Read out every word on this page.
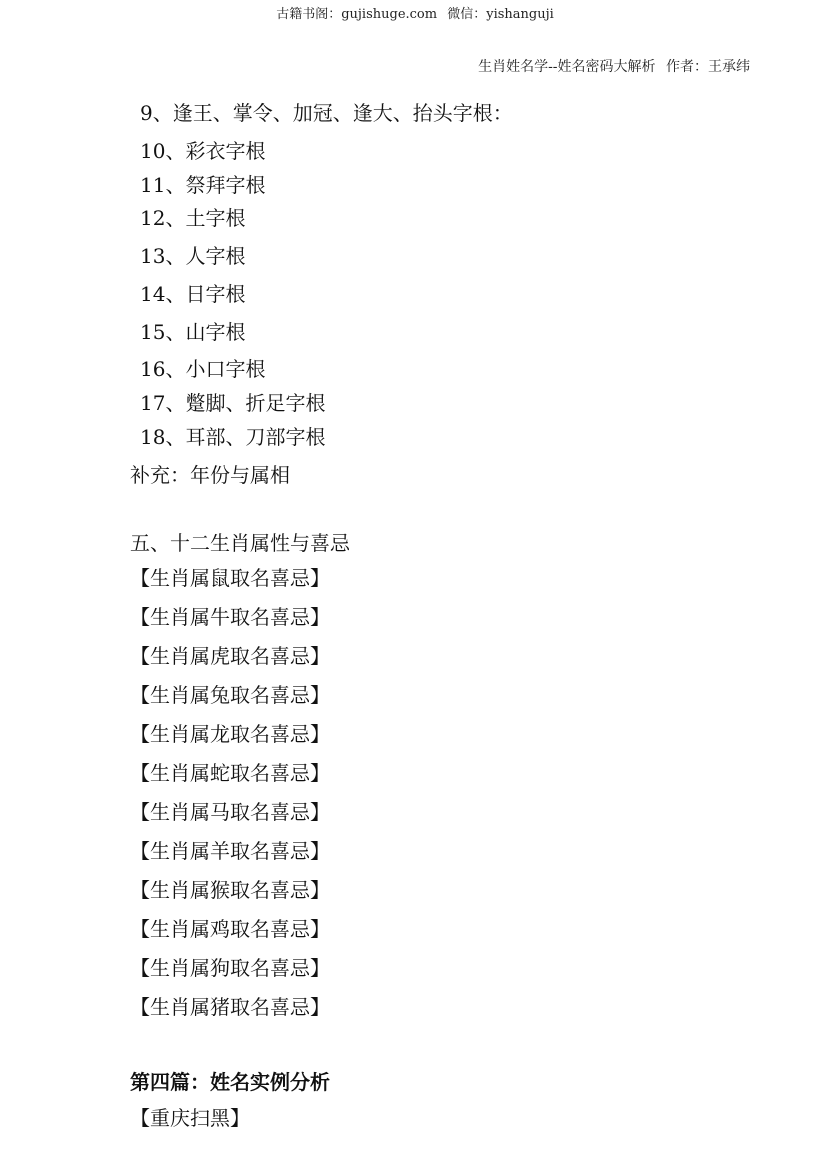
古籍书阁：gujishuge.com 微信：yishanguji
生肖姓名学--姓名密码大解析 作者：王承纬
9、逢王、掌令、加冠、逢大、抬头字根：
10、彩衣字根
11、祭拜字根
12、土字根
13、人字根
14、日字根
15、山字根
16、小口字根
17、蹩脚、折足字根
18、耳部、刀部字根
补充：年份与属相
五、十二生肖属性与喜忌
【生肖属鼠取名喜忌】
【生肖属牛取名喜忌】
【生肖属虎取名喜忌】
【生肖属兔取名喜忌】
【生肖属龙取名喜忌】
【生肖属蛇取名喜忌】
【生肖属马取名喜忌】
【生肖属羊取名喜忌】
【生肖属猴取名喜忌】
【生肖属鸡取名喜忌】
【生肖属狗取名喜忌】
【生肖属猪取名喜忌】
第四篇：姓名实例分析
【重庆扫黑】
